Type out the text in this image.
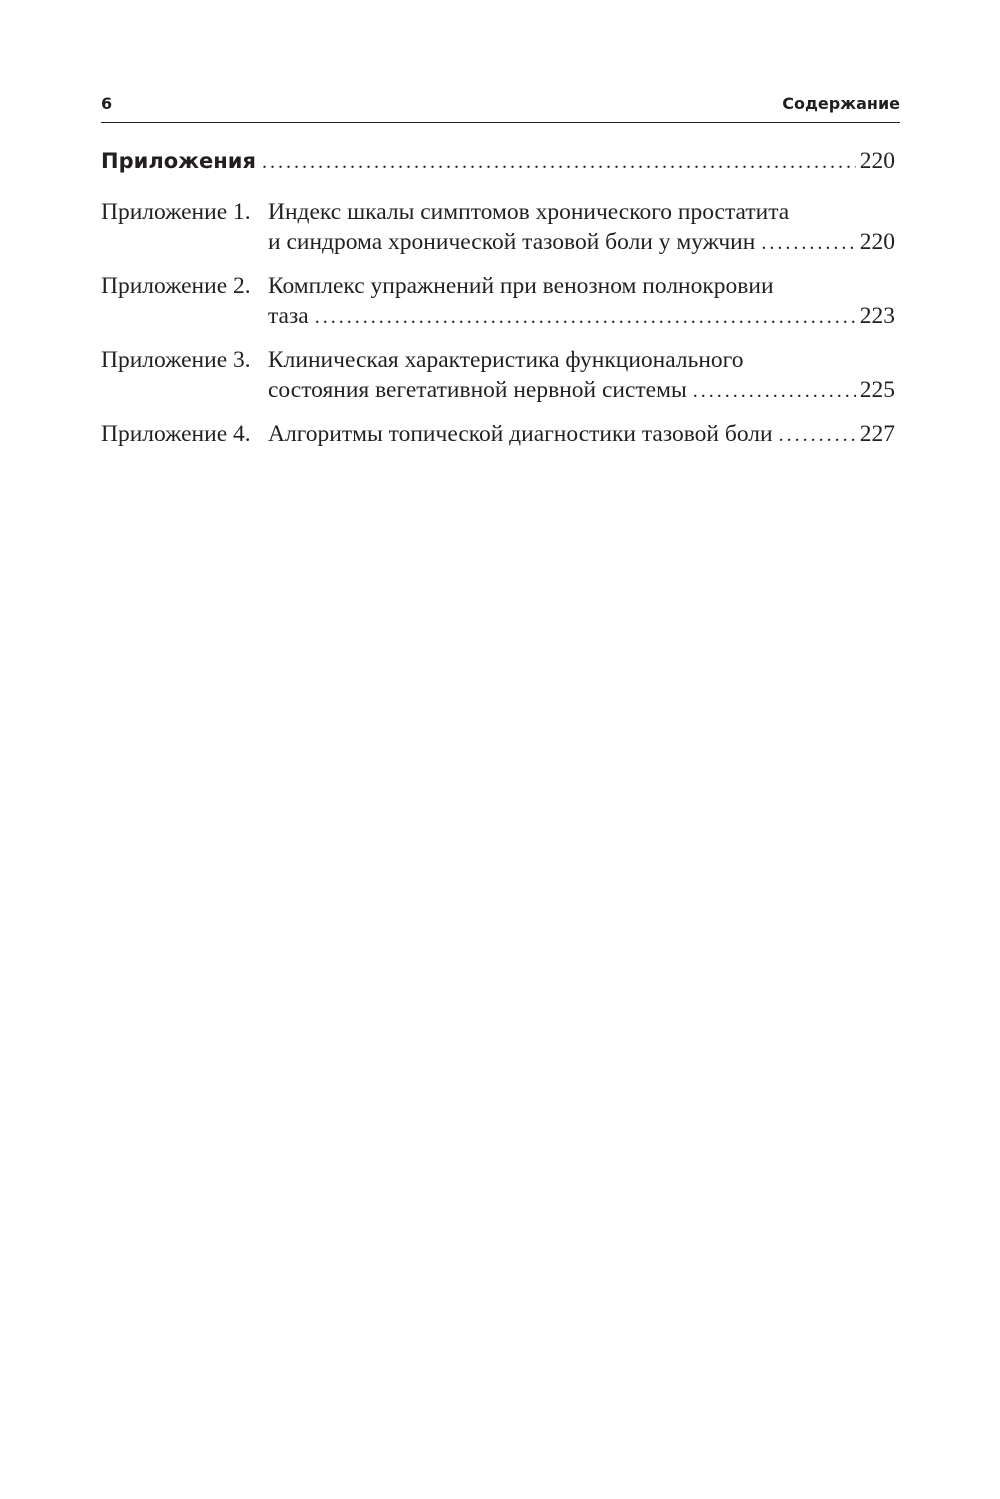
6	Содержание
Приложения .....	220
Приложение 1. Индекс шкалы симптомов хронического простатита
и синдрома хронической тазовой боли у мужчин .....	220
Приложение 2. Комплекс упражнений при венозном полнокровии
таза .....	223
Приложение 3. Клиническая характеристика функционального
состояния вегетативной нервной системы .....	225
Приложение 4. Алгоритмы топической диагностики тазовой боли .....	227
